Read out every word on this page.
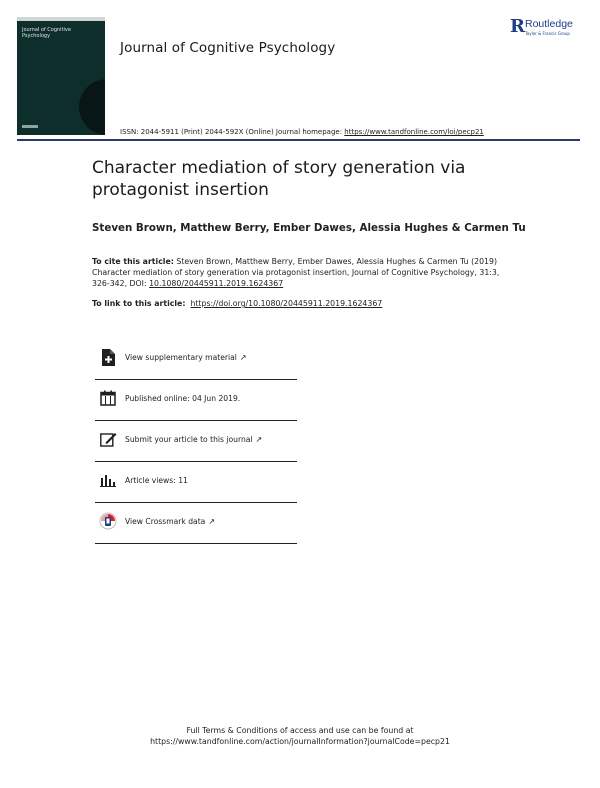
Journal of Cognitive Psychology
Journal of Cognitive Psychology
R Routledge
Taylor & Francis Group
ISSN: 2044-5911 (Print) 2044-592X (Online) Journal homepage: https://www.tandfonline.com/loi/pecp21
Character mediation of story generation via protagonist insertion
Steven Brown, Matthew Berry, Ember Dawes, Alessia Hughes & Carmen Tu
To cite this article: Steven Brown, Matthew Berry, Ember Dawes, Alessia Hughes & Carmen Tu (2019) Character mediation of story generation via protagonist insertion, Journal of Cognitive Psychology, 31:3, 326-342, DOI: 10.1080/20445911.2019.1624367
To link to this article: https://doi.org/10.1080/20445911.2019.1624367
View supplementary material ↗
Published online: 04 Jun 2019.
Submit your article to this journal ↗
Article views: 11
View Crossmark data ↗
Full Terms & Conditions of access and use can be found at
https://www.tandfonline.com/action/journalInformation?journalCode=pecp21
